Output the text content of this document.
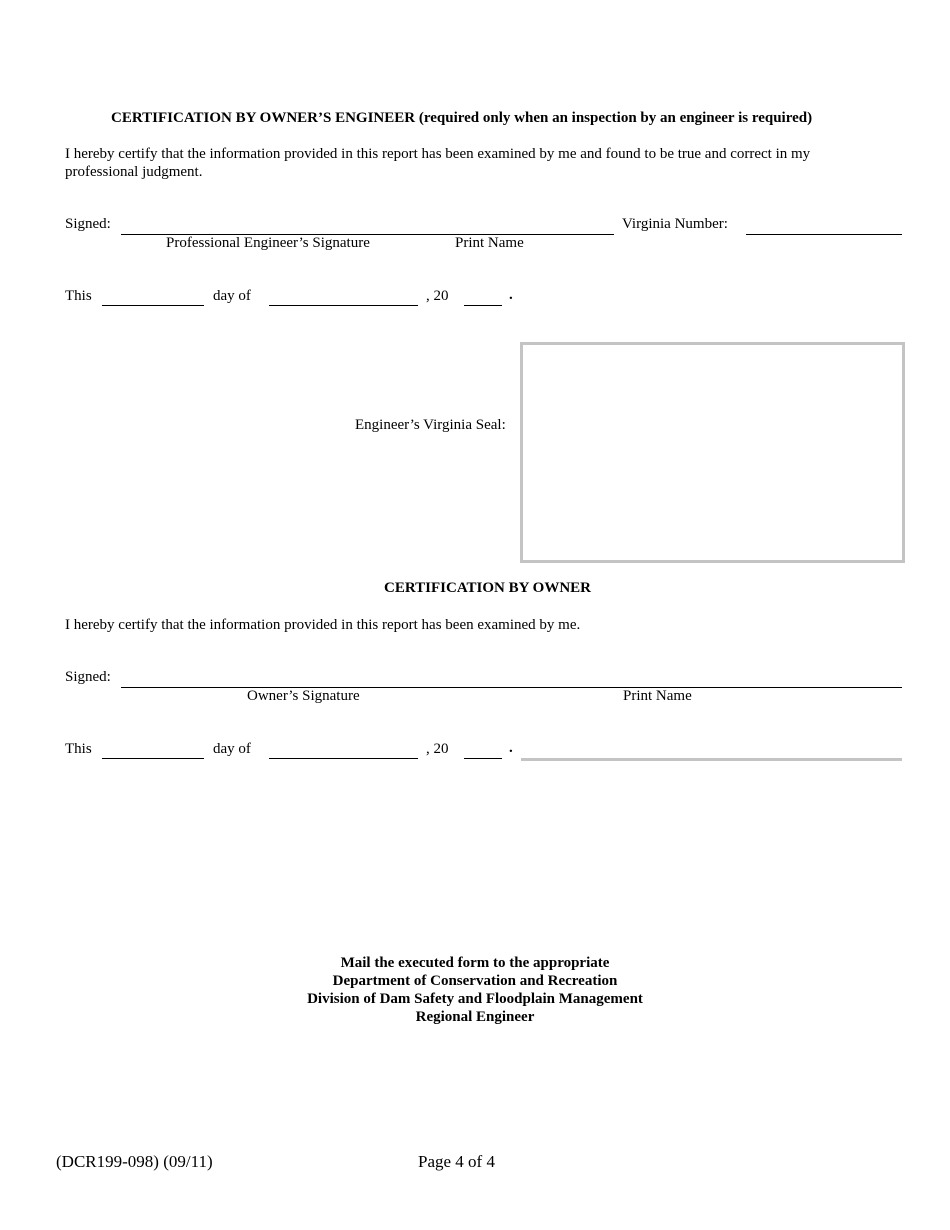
CERTIFICATION BY OWNER’S ENGINEER (required only when an inspection by an engineer is required)
I hereby certify that the information provided in this report has been examined by me and found to be true and correct in my professional judgment.
Signed:	Virginia Number:
Professional Engineer’s Signature	Print Name
This	day of	, 20	.
Engineer’s Virginia Seal:
CERTIFICATION BY OWNER
I hereby certify that the information provided in this report has been examined by me.
Signed:
Owner’s Signature	Print Name
This	day of	, 20	.
Mail the executed form to the appropriate
Department of Conservation and Recreation
Division of Dam Safety and Floodplain Management
Regional Engineer
(DCR199-098) (09/11)	Page 4 of 4
